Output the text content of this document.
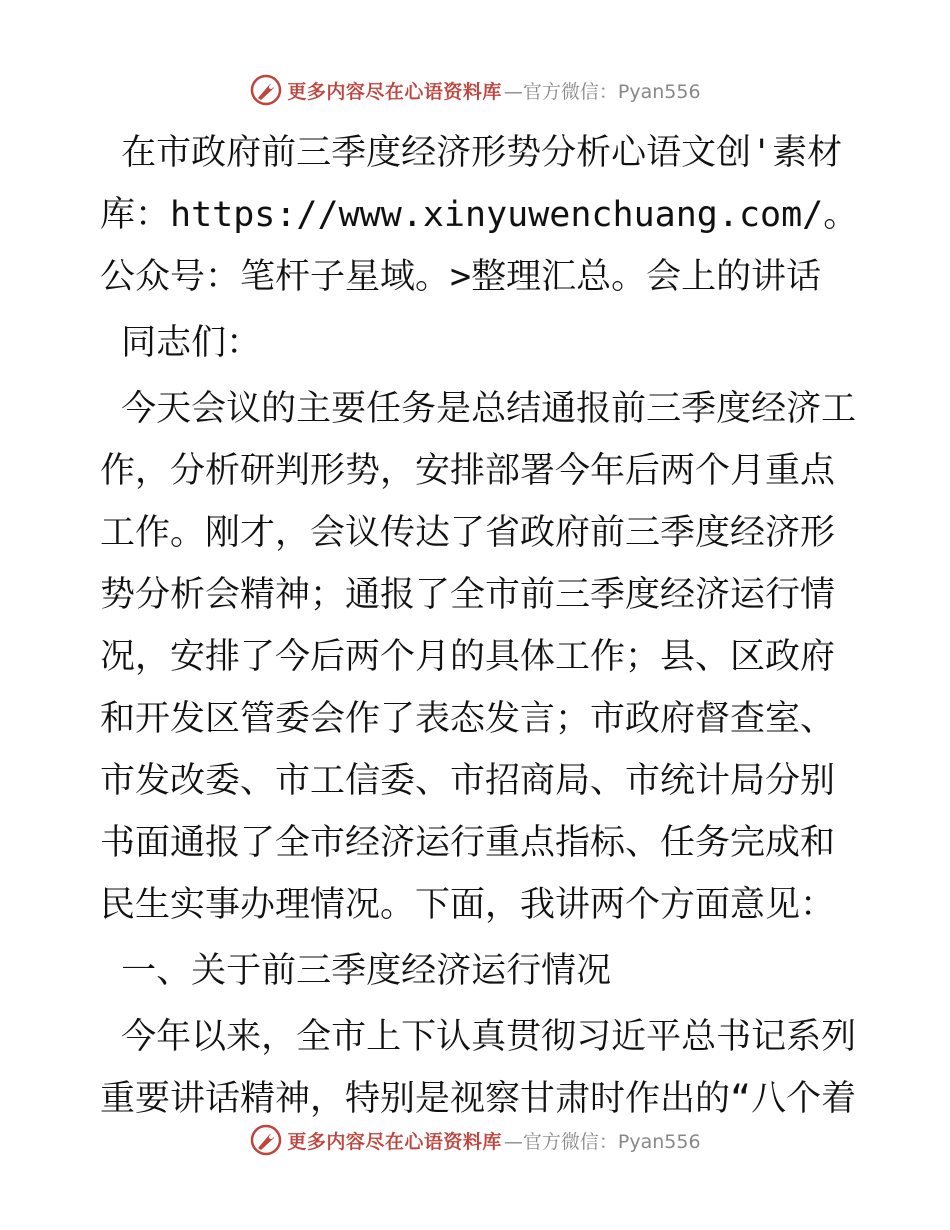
更多内容尽在心语资料库 —官方微信：Pyan556

在市政府前三季度经济形势分析心语文创'素材库：https://www.xinyuwenchuang.com/。公众号：笔杆子星域。>整理汇总。会上的讲话

同志们：

今天会议的主要任务是总结通报前三季度经济工作，分析研判形势，安排部署今年后两个月重点工作。刚才，会议传达了省政府前三季度经济形势分析会精神；通报了全市前三季度经济运行情况，安排了今后两个月的具体工作；县、区政府和开发区管委会作了表态发言；市政府督查室、市发改委、市工信委、市招商局、市统计局分别书面通报了全市经济运行重点指标、任务完成和民生实事办理情况。下面，我讲两个方面意见：

一、关于前三季度经济运行情况

今年以来，全市上下认真贯彻习近平总书记系列重要讲话精神，特别是视察甘肃时作出的“八个着

更多内容尽在心语资料库 —官方微信：Pyan556
